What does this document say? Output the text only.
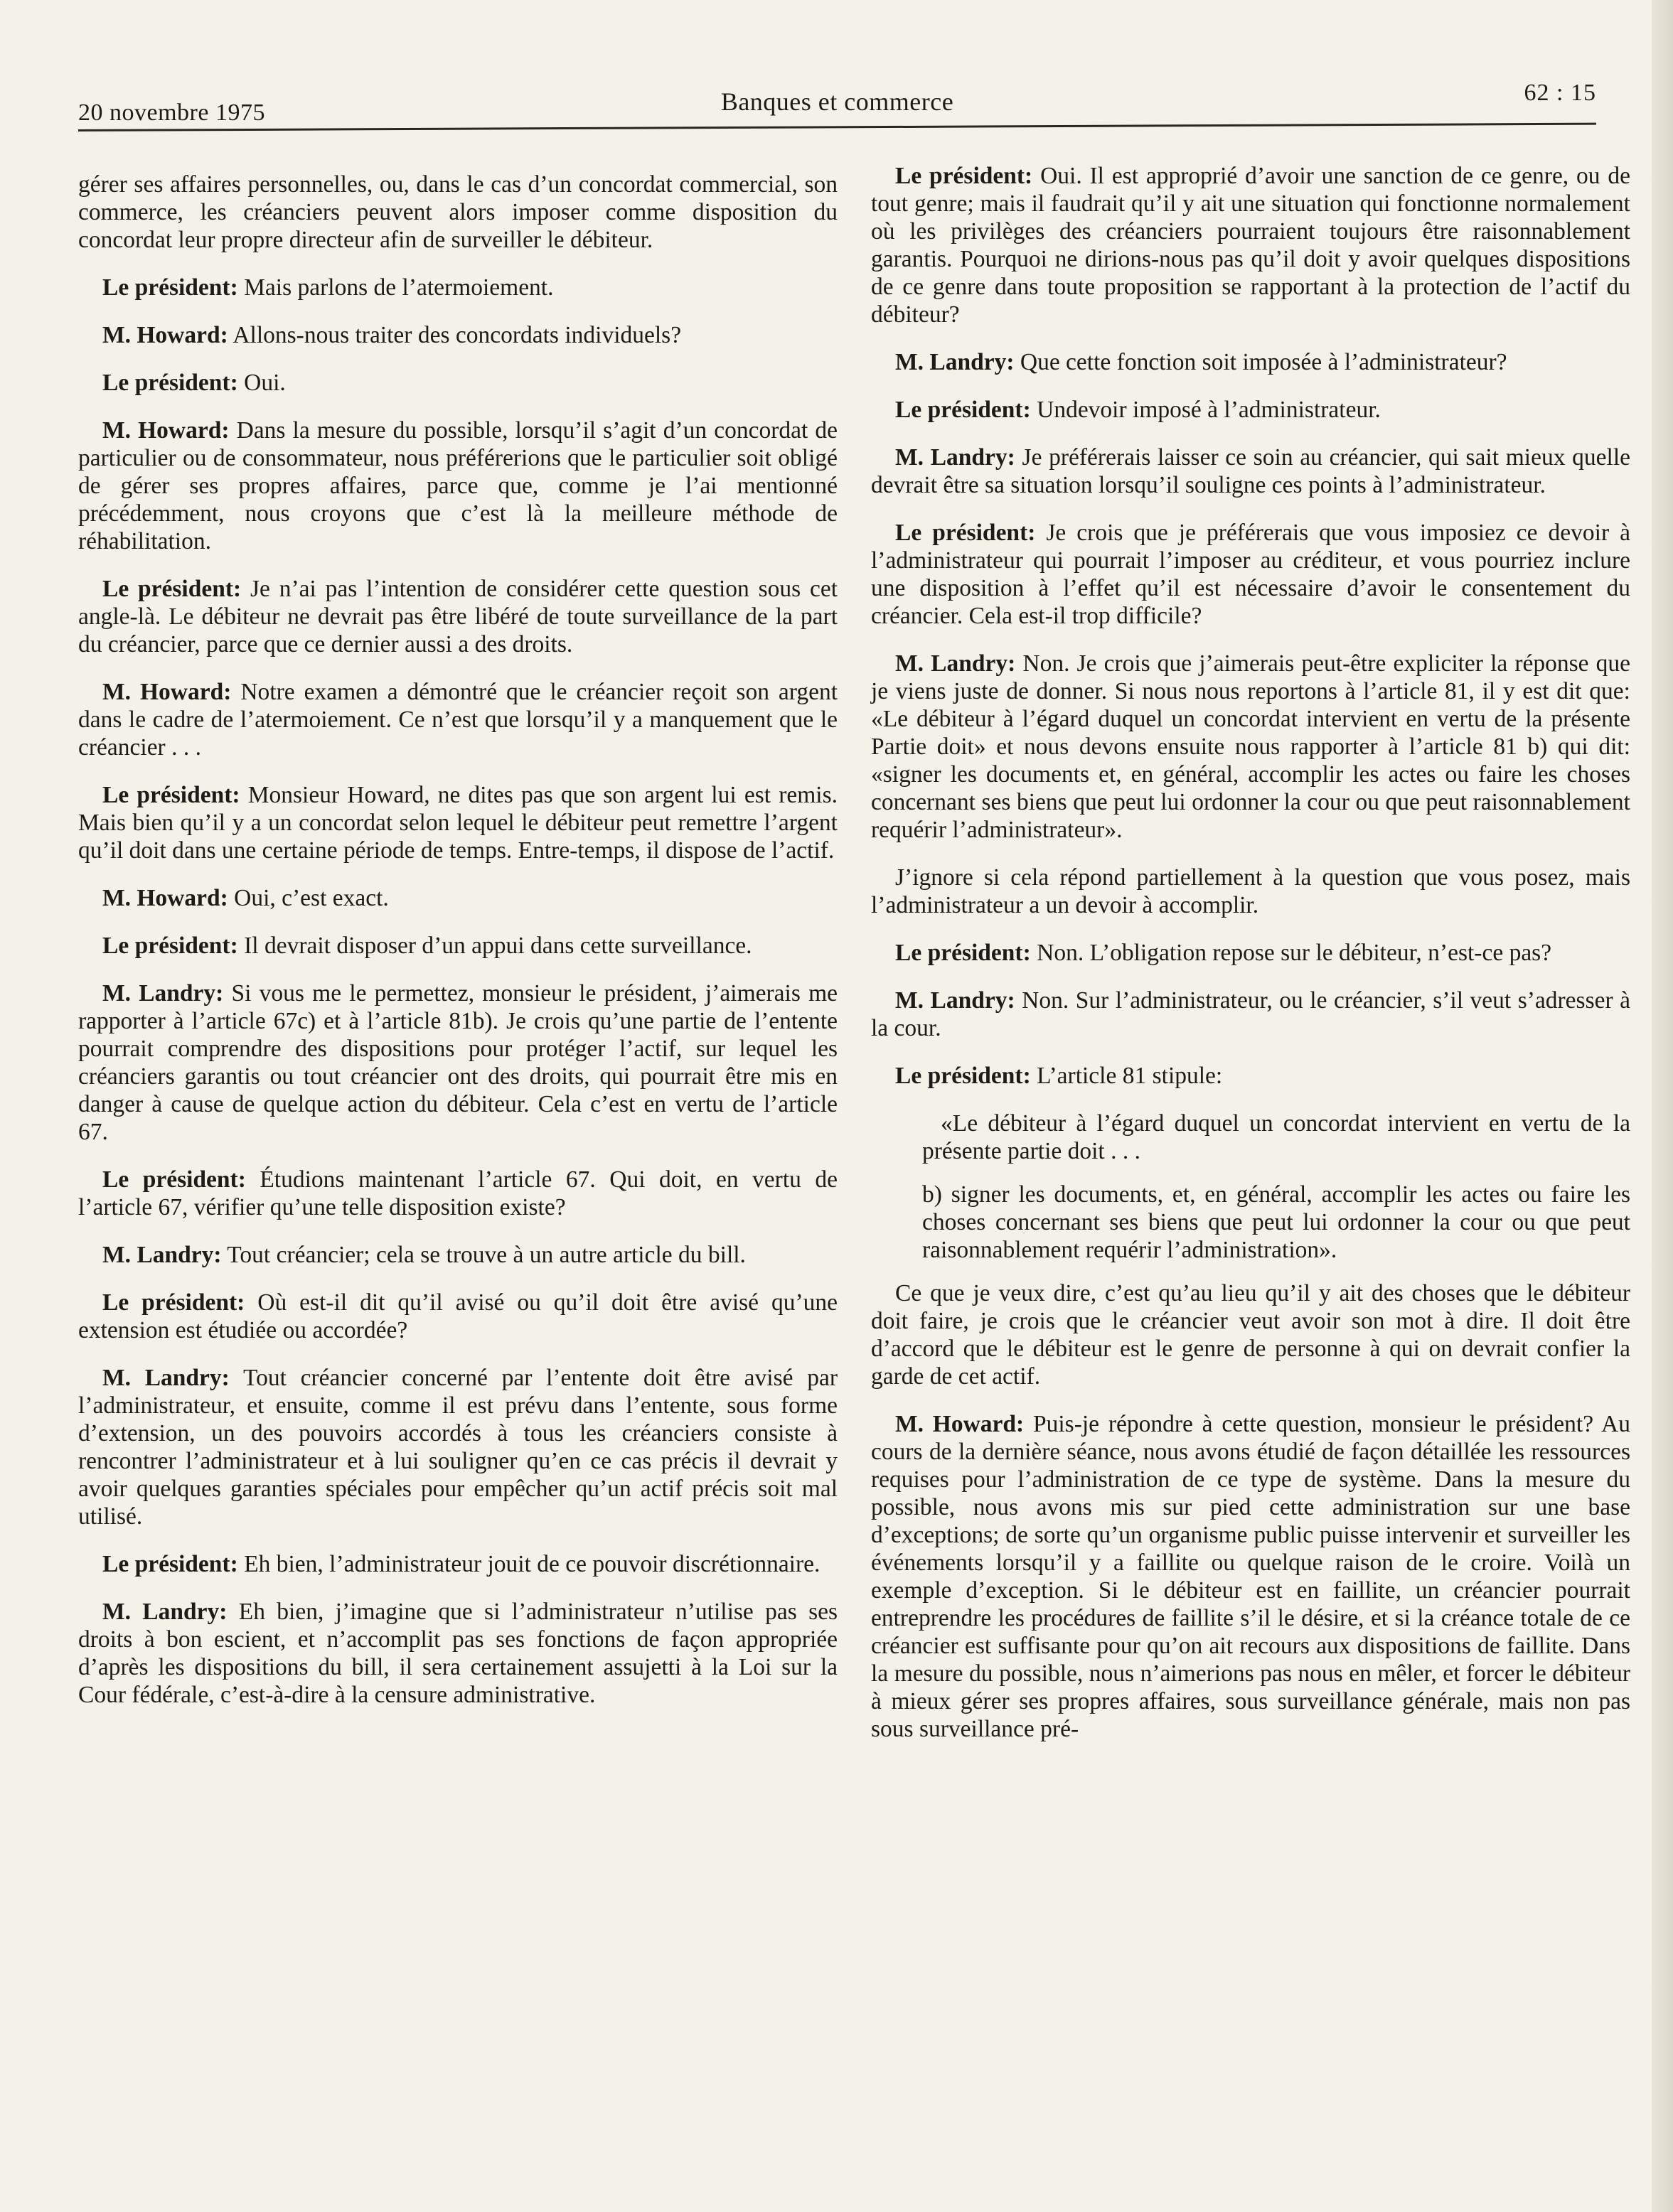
20 novembre 1975	Banques et commerce	62 : 15

gérer ses affaires personnelles, ou, dans le cas d’un concordat commercial, son commerce, les créanciers peuvent alors imposer comme disposition du concordat leur propre directeur afin de surveiller le débiteur.

Le président: Mais parlons de l’atermoiement.

M. Howard: Allons-nous traiter des concordats individuels?

Le président: Oui.

M. Howard: Dans la mesure du possible, lorsqu’il s’agit d’un concordat de particulier ou de consommateur, nous préférerions que le particulier soit obligé de gérer ses propres affaires, parce que, comme je l’ai mentionné précédemment, nous croyons que c’est là la meilleure méthode de réhabilitation.

Le président: Je n’ai pas l’intention de considérer cette question sous cet angle-là. Le débiteur ne devrait pas être libéré de toute surveillance de la part du créancier, parce que ce dernier aussi a des droits.

M. Howard: Notre examen a démontré que le créancier reçoit son argent dans le cadre de l’atermoiement. Ce n’est que lorsqu’il y a manquement que le créancier . . .

Le président: Monsieur Howard, ne dites pas que son argent lui est remis. Mais bien qu’il y a un concordat selon lequel le débiteur peut remettre l’argent qu’il doit dans une certaine période de temps. Entre-temps, il dispose de l’actif.

M. Howard: Oui, c’est exact.

Le président: Il devrait disposer d’un appui dans cette surveillance.

M. Landry: Si vous me le permettez, monsieur le président, j’aimerais me rapporter à l’article 67c) et à l’article 81b). Je crois qu’une partie de l’entente pourrait comprendre des dispositions pour protéger l’actif, sur lequel les créanciers garantis ou tout créancier ont des droits, qui pourrait être mis en danger à cause de quelque action du débiteur. Cela c’est en vertu de l’article 67.

Le président: Étudions maintenant l’article 67. Qui doit, en vertu de l’article 67, vérifier qu’une telle disposition existe?

M. Landry: Tout créancier; cela se trouve à un autre article du bill.

Le président: Où est-il dit qu’il avisé ou qu’il doit être avisé qu’une extension est étudiée ou accordée?

M. Landry: Tout créancier concerné par l’entente doit être avisé par l’administrateur, et ensuite, comme il est prévu dans l’entente, sous forme d’extension, un des pouvoirs accordés à tous les créanciers consiste à rencontrer l’administrateur et à lui souligner qu’en ce cas précis il devrait y avoir quelques garanties spéciales pour empêcher qu’un actif précis soit mal utilisé.

Le président: Eh bien, l’administrateur jouit de ce pouvoir discrétionnaire.

M. Landry: Eh bien, j’imagine que si l’administrateur n’utilise pas ses droits à bon escient, et n’accomplit pas ses fonctions de façon appropriée d’après les dispositions du bill, il sera certainement assujetti à la Loi sur la Cour fédérale, c’est-à-dire à la censure administrative.

Le président: Oui. Il est approprié d’avoir une sanction de ce genre, ou de tout genre; mais il faudrait qu’il y ait une situation qui fonctionne normalement où les privilèges des créanciers pourraient toujours être raisonnablement garantis. Pourquoi ne dirions-nous pas qu’il doit y avoir quelques dispositions de ce genre dans toute proposition se rapportant à la protection de l’actif du débiteur?

M. Landry: Que cette fonction soit imposée à l’administrateur?

Le président: Undevoir imposé à l’administrateur.

M. Landry: Je préférerais laisser ce soin au créancier, qui sait mieux quelle devrait être sa situation lorsqu’il souligne ces points à l’administrateur.

Le président: Je crois que je préférerais que vous imposiez ce devoir à l’administrateur qui pourrait l’imposer au créditeur, et vous pourriez inclure une disposition à l’effet qu’il est nécessaire d’avoir le consentement du créancier. Cela est-il trop difficile?

M. Landry: Non. Je crois que j’aimerais peut-être expliciter la réponse que je viens juste de donner. Si nous nous reportons à l’article 81, il y est dit que: «Le débiteur à l’égard duquel un concordat intervient en vertu de la présente Partie doit» et nous devons ensuite nous rapporter à l’article 81 b) qui dit: «signer les documents et, en général, accomplir les actes ou faire les choses concernant ses biens que peut lui ordonner la cour ou que peut raisonnablement requérir l’administrateur».

J’ignore si cela répond partiellement à la question que vous posez, mais l’administrateur a un devoir à accomplir.

Le président: Non. L’obligation repose sur le débiteur, n’est-ce pas?

M. Landry: Non. Sur l’administrateur, ou le créancier, s’il veut s’adresser à la cour.

Le président: L’article 81 stipule:

«Le débiteur à l’égard duquel un concordat intervient en vertu de la présente partie doit . . .

b) signer les documents, et, en général, accomplir les actes ou faire les choses concernant ses biens que peut lui ordonner la cour ou que peut raisonnablement requérir l’administration».

Ce que je veux dire, c’est qu’au lieu qu’il y ait des choses que le débiteur doit faire, je crois que le créancier veut avoir son mot à dire. Il doit être d’accord que le débiteur est le genre de personne à qui on devrait confier la garde de cet actif.

M. Howard: Puis-je répondre à cette question, monsieur le président? Au cours de la dernière séance, nous avons étudié de façon détaillée les ressources requises pour l’administration de ce type de système. Dans la mesure du possible, nous avons mis sur pied cette administration sur une base d’exceptions; de sorte qu’un organisme public puisse intervenir et surveiller les événements lorsqu’il y a faillite ou quelque raison de le croire. Voilà un exemple d’exception. Si le débiteur est en faillite, un créancier pourrait entreprendre les procédures de faillite s’il le désire, et si la créance totale de ce créancier est suffisante pour qu’on ait recours aux dispositions de faillite. Dans la mesure du possible, nous n’aimerions pas nous en mêler, et forcer le débiteur à mieux gérer ses propres affaires, sous surveillance générale, mais non pas sous surveillance pré-
